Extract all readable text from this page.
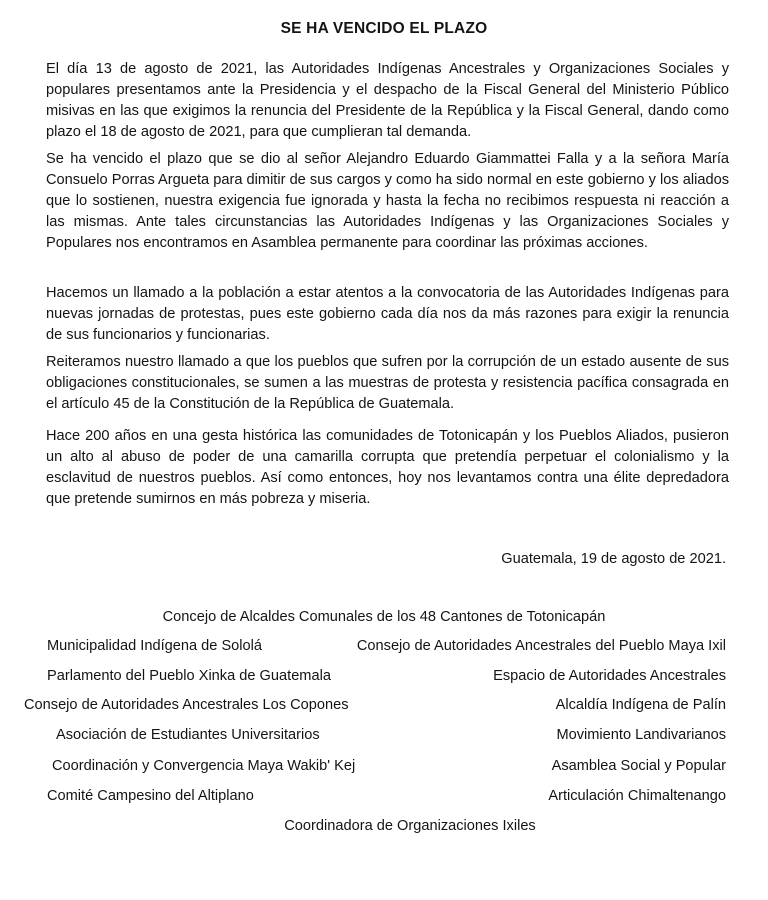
SE HA VENCIDO EL PLAZO

El día 13 de agosto de 2021, las Autoridades Indígenas Ancestrales y Organizaciones Sociales y populares presentamos ante la Presidencia y el despacho de la Fiscal General del Ministerio Público misivas en las que exigimos la renuncia del Presidente de la República y la Fiscal General, dando como plazo el 18 de agosto de 2021, para que cumplieran tal demanda.

Se ha vencido el plazo que se dio al señor Alejandro Eduardo Giammattei Falla y a la señora María Consuelo Porras Argueta para dimitir de sus cargos y como ha sido normal en este gobierno y los aliados que lo sostienen, nuestra exigencia fue ignorada y hasta la fecha no recibimos respuesta ni reacción a las mismas. Ante tales circunstancias las Autoridades Indígenas y las Organizaciones Sociales y Populares nos encontramos en Asamblea permanente para coordinar las próximas acciones.

Hacemos un llamado a la población a estar atentos a la convocatoria de las Autoridades Indígenas para nuevas jornadas de protestas, pues este gobierno cada día nos da más razones para exigir la renuncia de sus funcionarios y funcionarias.

Reiteramos nuestro llamado a que los pueblos que sufren por la corrupción de un estado ausente de sus obligaciones constitucionales, se sumen a las muestras de protesta y resistencia pacífica consagrada en el artículo 45 de la Constitución de la República de Guatemala.

Hace 200 años en una gesta histórica las comunidades de Totonicapán y los Pueblos Aliados, pusieron un alto al abuso de poder de una camarilla corrupta que pretendía perpetuar el colonialismo y la esclavitud de nuestros pueblos. Así como entonces, hoy nos levantamos contra una élite depredadora que pretende sumirnos en más pobreza y miseria.

Guatemala, 19 de agosto de 2021.
Concejo de Alcaldes Comunales de los 48 Cantones de Totonicapán
Municipalidad Indígena de Sololá	Consejo de Autoridades Ancestrales del Pueblo Maya Ixil
Parlamento del Pueblo Xinka de Guatemala	Espacio de Autoridades Ancestrales
Consejo de Autoridades Ancestrales Los Copones	Alcaldía Indígena de Palín
Asociación de Estudiantes Universitarios	Movimiento Landivarianos
Coordinación y Convergencia Maya Wakib' Kej	Asamblea Social y Popular
Comité Campesino del Altiplano	Articulación Chimaltenango
Coordinadora de Organizaciones Ixiles
